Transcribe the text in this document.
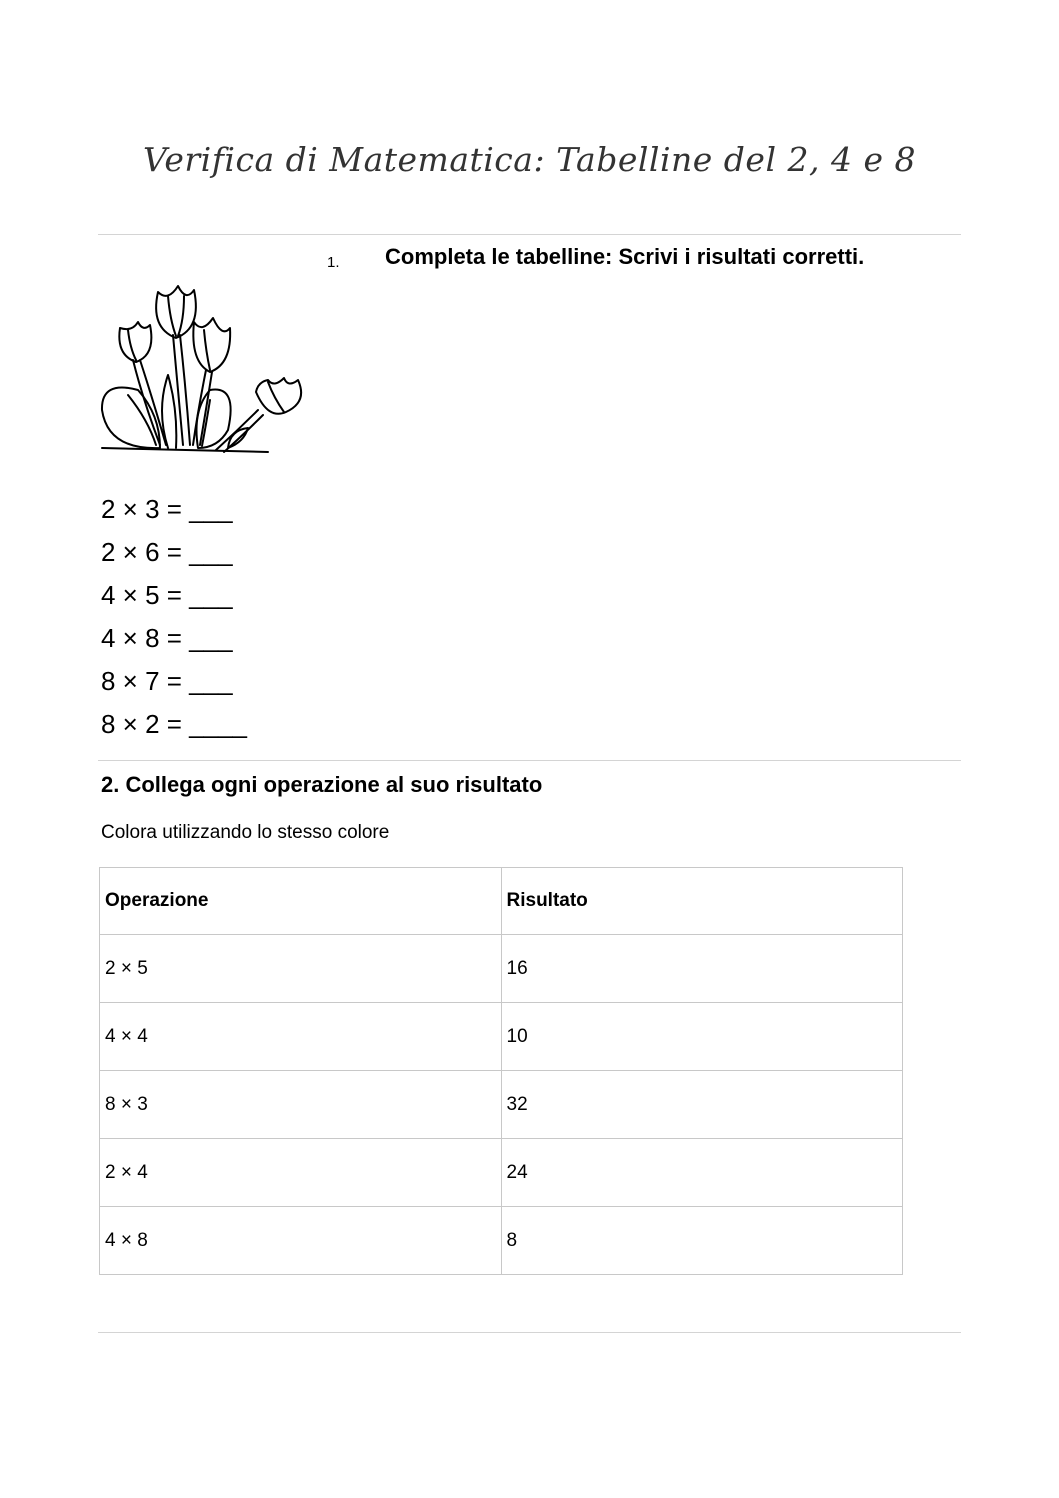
Verifica di Matematica: Tabelline del 2, 4 e 8
1. Completa le tabelline: Scrivi i risultati corretti.
2 × 3 = ___
2 × 6 = ___
4 × 5 = ___
4 × 8 = ___
8 × 7 = ___
8 × 2 = ____
2. Collega ogni operazione al suo risultato
Colora utilizzando lo stesso colore
Operazione	Risultato
2 × 5	16
4 × 4	10
8 × 3	32
2 × 4	24
4 × 8	8
